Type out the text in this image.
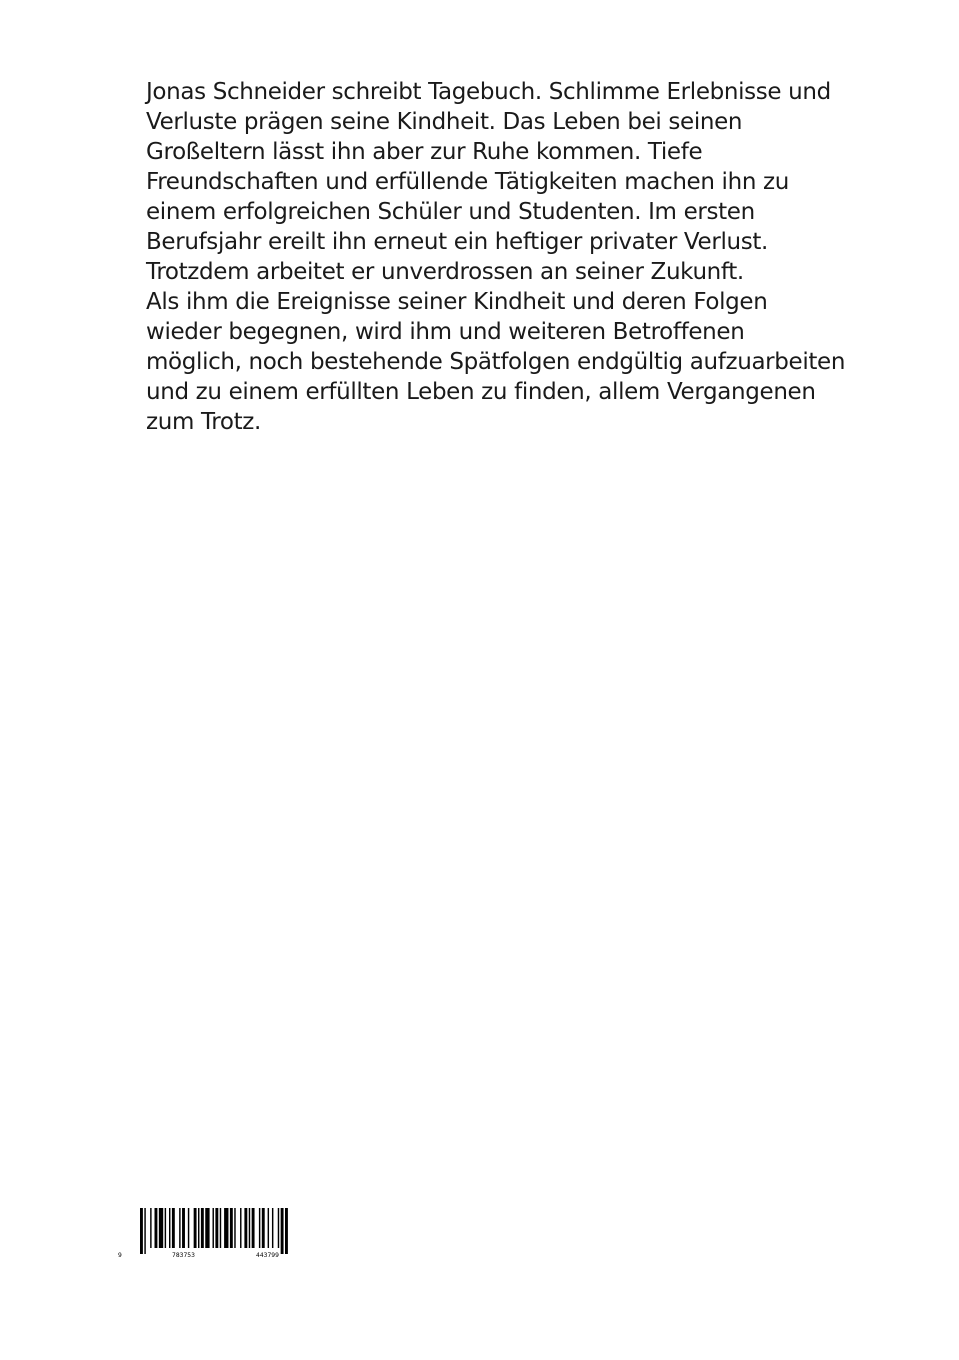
Jonas Schneider schreibt Tagebuch. Schlimme Erlebnisse und
Verluste prägen seine Kindheit. Das Leben bei seinen
Großeltern lässt ihn aber zur Ruhe kommen. Tiefe
Freundschaften und erfüllende Tätigkeiten machen ihn zu
einem erfolgreichen Schüler und Studenten. Im ersten
Berufsjahr ereilt ihn erneut ein heftiger privater Verlust.
Trotzdem arbeitet er unverdrossen an seiner Zukunft.
Als ihm die Ereignisse seiner Kindheit und deren Folgen
wieder begegnen, wird ihm und weiteren Betroffenen
möglich, noch bestehende Spätfolgen endgültig aufzuarbeiten
und zu einem erfüllten Leben zu finden, allem Vergangenen
zum Trotz.
9	783753	443799
